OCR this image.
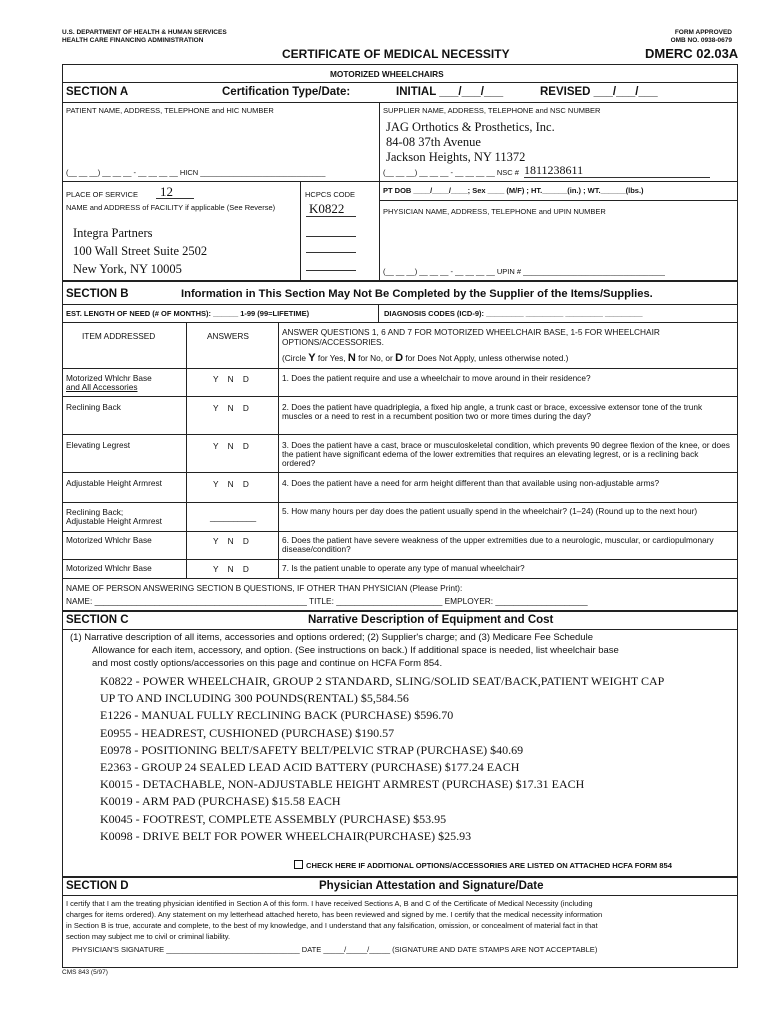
U.S. DEPARTMENT OF HEALTH & HUMAN SERVICES
HEALTH CARE FINANCING ADMINISTRATION
FORM APPROVED
OMB NO. 0938-0679
CERTIFICATE OF MEDICAL NECESSITY	DMERC 02.03A
MOTORIZED WHEELCHAIRS
SECTION A	Certification Type/Date:	INITIAL ___/___/___	REVISED ___/___/___
PATIENT NAME, ADDRESS, TELEPHONE and HIC NUMBER
(__ __ __) __ __ __ - __ __ __ __ HICN ______________________________
SUPPLIER NAME, ADDRESS, TELEPHONE and NSC NUMBER
JAG Orthotics & Prosthetics, Inc.
84-08 37th Avenue
Jackson Heights, NY 11372
(__ __ __) __ __ __ - __ __ __ __ NSC # 1811238611
PLACE OF SERVICE 12
NAME and ADDRESS of FACILITY if applicable (See Reverse)
Integra Partners
100 Wall Street Suite 2502
New York, NY 10005
HCPCS CODE
K0822
PT DOB ____/____/____; Sex ____ (M/F) ; HT.______(in.) ; WT.______(lbs.)
PHYSICIAN NAME, ADDRESS, TELEPHONE and UPIN NUMBER
(__ __ __) __ __ __ - __ __ __ __ UPIN # __________________________________
SECTION B	Information in This Section May Not Be Completed by the Supplier of the Items/Supplies.
EST. LENGTH OF NEED (# OF MONTHS): ______ 1-99 (99=LIFETIME)	DIAGNOSIS CODES (ICD-9): _________ _________ _________ _________
ITEM ADDRESSED	ANSWERS	ANSWER QUESTIONS 1, 6 AND 7 FOR MOTORIZED WHEELCHAIR BASE, 1-5 FOR WHEELCHAIR OPTIONS/ACCESSORIES.
(Circle Y for Yes, N for No, or D for Does Not Apply, unless otherwise noted.)
Motorized Whlchr Base
and All Accessories
Y    N    D	1. Does the patient require and use a wheelchair to move around in their residence?
Reclining Back	Y    N    D	2. Does the patient have quadriplegia, a fixed hip angle, a trunk cast or brace, excessive extensor tone of the trunk muscles or a need to rest in a recumbent position two or more times during the day?
Elevating Legrest	Y    N    D	3. Does the patient have a cast, brace or musculoskeletal condition, which prevents 90 degree flexion of the knee, or does the patient have significant edema of the lower extremities that requires an elevating legrest, or is a reclining back ordered?
Adjustable Height Armrest	Y    N    D	4. Does the patient have a need for arm height different than that available using non-adjustable arms?
Reclining Back;
Adjustable Height Armrest	__________
5. How many hours per day does the patient usually spend in the wheelchair? (1–24) (Round up to the next hour)
Motorized Whlchr Base	Y    N    D	6. Does the patient have severe weakness of the upper extremities due to a neurologic, muscular, or cardiopulmonary disease/condition?
Motorized Whlchr Base	Y    N    D	7. Is the patient unable to operate any type of manual wheelchair?
NAME OF PERSON ANSWERING SECTION B QUESTIONS, IF OTHER THAN PHYSICIAN (Please Print):
NAME: ______________________________________________ TITLE: _______________________ EMPLOYER: ____________________
SECTION C	Narrative Description of Equipment and Cost
(1) Narrative description of all items, accessories and options ordered; (2) Supplier's charge; and (3) Medicare Fee Schedule
Allowance for each item, accessory, and option. (See instructions on back.) If additional space is needed, list wheelchair base
and most costly options/accessories on this page and continue on HCFA Form 854.
K0822 - POWER WHEELCHAIR, GROUP 2 STANDARD, SLING/SOLID SEAT/BACK,PATIENT WEIGHT CAP
UP TO AND INCLUDING 300 POUNDS(RENTAL) $5,584.56
E1226 - MANUAL FULLY RECLINING BACK (PURCHASE) $596.70
E0955 - HEADREST, CUSHIONED (PURCHASE) $190.57
E0978 - POSITIONING BELT/SAFETY BELT/PELVIC STRAP (PURCHASE) $40.69
E2363 - GROUP 24 SEALED LEAD ACID BATTERY (PURCHASE) $177.24 EACH
K0015 - DETACHABLE, NON-ADJUSTABLE HEIGHT ARMREST (PURCHASE) $17.31 EACH
K0019 - ARM PAD (PURCHASE) $15.58 EACH
K0045 - FOOTREST, COMPLETE ASSEMBLY (PURCHASE) $53.95
K0098 - DRIVE BELT FOR POWER WHEELCHAIR(PURCHASE) $25.93
CHECK HERE IF ADDITIONAL OPTIONS/ACCESSORIES ARE LISTED ON ATTACHED HCFA FORM 854
SECTION D	Physician Attestation and Signature/Date
I certify that I am the treating physician identified in Section A of this form. I have received Sections A, B and C of the Certificate of Medical Necessity (including
charges for items ordered). Any statement on my letterhead attached hereto, has been reviewed and signed by me. I certify that the medical necessity information
in Section B is true, accurate and complete, to the best of my knowledge, and I understand that any falsification, omission, or concealment of material fact in that
section may subject me to civil or criminal liability.
PHYSICIAN'S SIGNATURE ________________________________ DATE _____/_____/_____ (SIGNATURE AND DATE STAMPS ARE NOT ACCEPTABLE)
CMS 843 (5/97)
